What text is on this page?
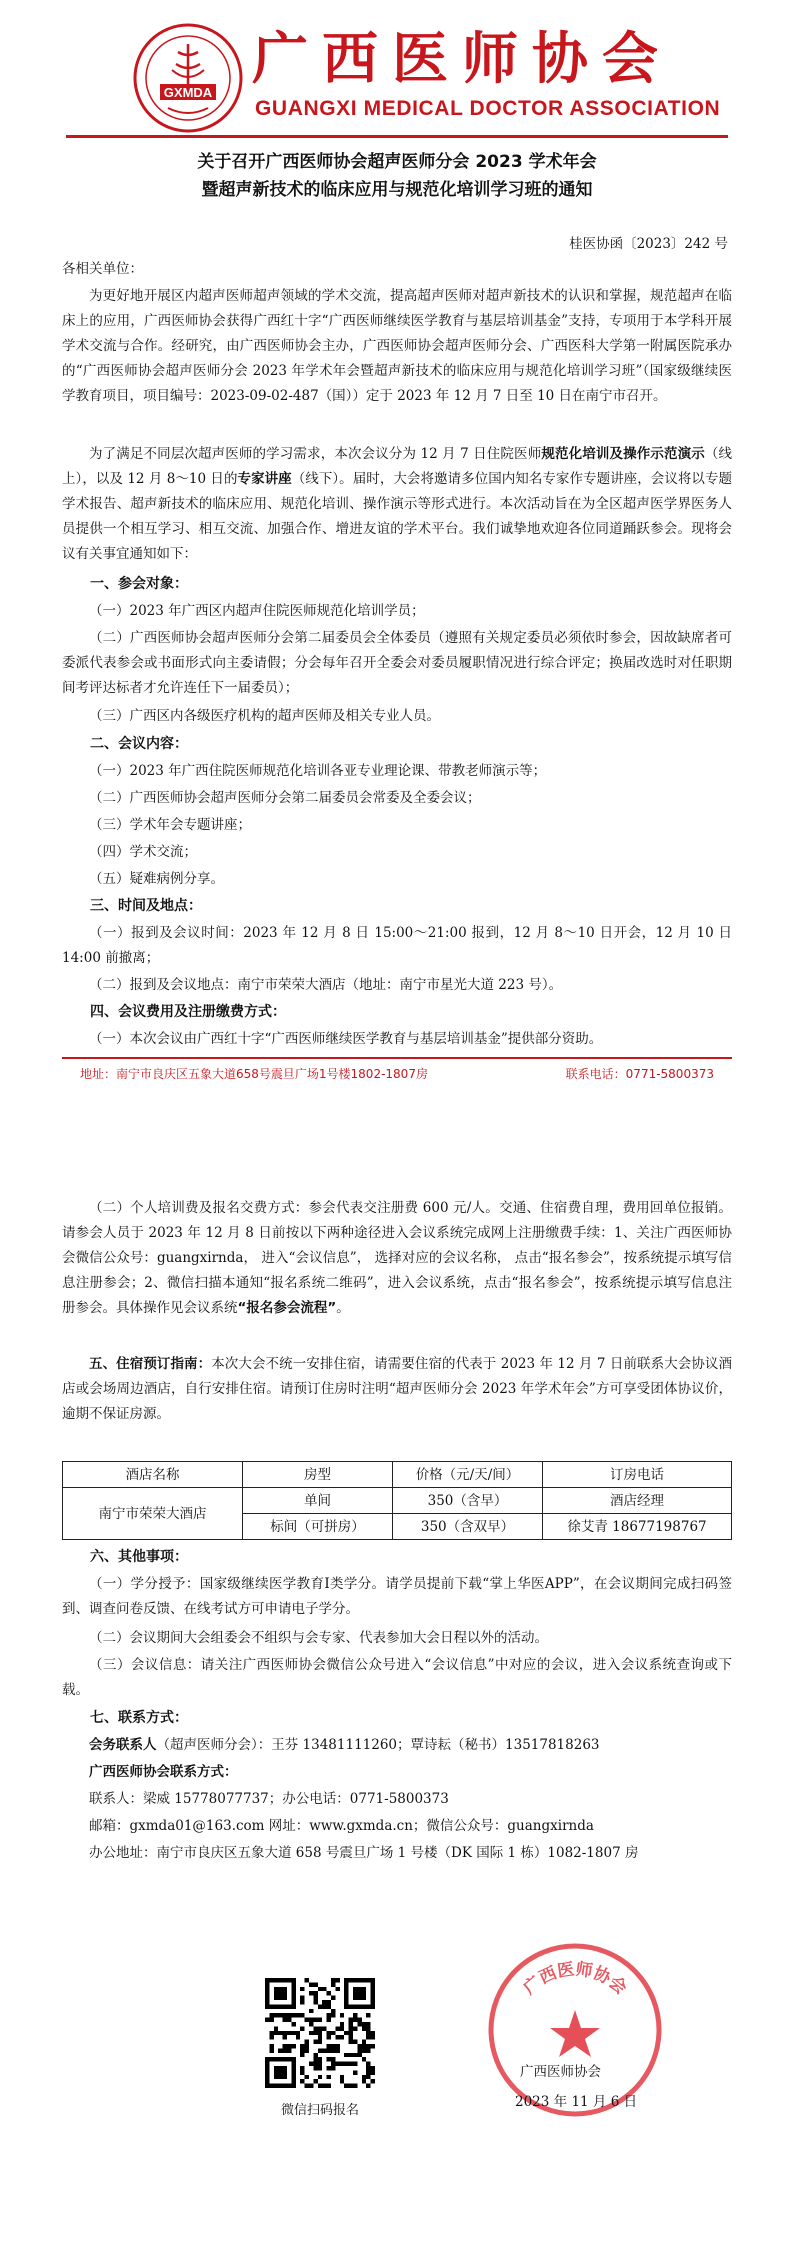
GXMDA
广西医师协会
GUANGXI MEDICAL DOCTOR ASSOCIATION
关于召开广西医师协会超声医师分会 2023 学术年会
暨超声新技术的临床应用与规范化培训学习班的通知
桂医协函〔2023〕242 号
各相关单位：
为更好地开展区内超声医师超声领域的学术交流，提高超声医师对超声新技术的认识和掌握，规范超声在临床上的应用，广西医师协会获得广西红十字“广西医师继续医学教育与基层培训基金”支持，专项用于本学科开展学术交流与合作。经研究，由广西医师协会主办，广西医师协会超声医师分会、广西医科大学第一附属医院承办的“广西医师协会超声医师分会 2023 年学术年会暨超声新技术的临床应用与规范化培训学习班”（国家级继续医学教育项目，项目编号：2023-09-02-487（国））定于 2023 年 12 月 7 日至 10 日在南宁市召开。
为了满足不同层次超声医师的学习需求，本次会议分为 12 月 7 日住院医师规范化培训及操作示范演示（线上），以及 12 月 8～10 日的专家讲座（线下）。届时，大会将邀请多位国内知名专家作专题讲座，会议将以专题学术报告、超声新技术的临床应用、规范化培训、操作演示等形式进行。本次活动旨在为全区超声医学界医务人员提供一个相互学习、相互交流、加强合作、增进友谊的学术平台。我们诚挚地欢迎各位同道踊跃参会。现将会议有关事宜通知如下：
一、参会对象：
（一）2023 年广西区内超声住院医师规范化培训学员；
（二）广西医师协会超声医师分会第二届委员会全体委员（遵照有关规定委员必须依时参会，因故缺席者可委派代表参会或书面形式向主委请假；分会每年召开全委会对委员履职情况进行综合评定；换届改选时对任职期间考评达标者才允许连任下一届委员）；
（三）广西区内各级医疗机构的超声医师及相关专业人员。
二、会议内容：
（一）2023 年广西住院医师规范化培训各亚专业理论课、带教老师演示等；
（二）广西医师协会超声医师分会第二届委员会常委及全委会议；
（三）学术年会专题讲座；
（四）学术交流；
（五）疑难病例分享。
三、时间及地点：
（一）报到及会议时间：2023 年 12 月 8 日 15:00～21:00 报到，12 月 8～10 日开会，12 月 10 日 14:00 前撤离；
（二）报到及会议地点：南宁市荣荣大酒店（地址：南宁市星光大道 223 号）。
四、会议费用及注册缴费方式：
（一）本次会议由广西红十字“广西医师继续医学教育与基层培训基金”提供部分资助。
地址：南宁市良庆区五象大道658号震旦广场1号楼1802-1807房	联系电话：0771-5800373
（二）个人培训费及报名交费方式：参会代表交注册费 600 元/人。交通、住宿费自理，费用回单位报销。请参会人员于 2023 年 12 月 8 日前按以下两种途径进入会议系统完成网上注册缴费手续：1、关注广西医师协会微信公众号：guangxirnda， 进入“会议信息”， 选择对应的会议名称， 点击“报名参会”，按系统提示填写信息注册参会；2、微信扫描本通知“报名系统二维码”，进入会议系统，点击“报名参会”，按系统提示填写信息注册参会。具体操作见会议系统“报名参会流程”。
五、住宿预订指南：本次大会不统一安排住宿，请需要住宿的代表于 2023 年 12 月 7 日前联系大会协议酒店或会场周边酒店，自行安排住宿。请预订住房时注明“超声医师分会 2023 年学术年会”方可享受团体协议价，逾期不保证房源。
酒店名称	房型	价格（元/天/间）	订房电话
南宁市荣荣大酒店	单间	350（含早）	酒店经理
	标间（可拼房）	350（含双早）	徐艾青 18677198767
六、其他事项：
（一）学分授予：国家级继续医学教育I类学分。请学员提前下载“掌上华医APP”，在会议期间完成扫码签到、调查问卷反馈、在线考试方可申请电子学分。
（二）会议期间大会组委会不组织与会专家、代表参加大会日程以外的活动。
（三）会议信息：请关注广西医师协会微信公众号进入“会议信息”中对应的会议，进入会议系统查询或下载。
七、联系方式：
会务联系人（超声医师分会）：王芬 13481111260；覃诗耘（秘书）13517818263
广西医师协会联系方式：
联系人：梁威 15778077737；办公电话：0771-5800373
邮箱：gxmda01@163.com 网址：www.gxmda.cn；微信公众号：guangxirnda
办公地址：南宁市良庆区五象大道 658 号震旦广场 1 号楼（DK 国际 1 栋）1082-1807 房
微信扫码报名
广西医师协会
广西医师协会
2023 年 11 月 6 日
